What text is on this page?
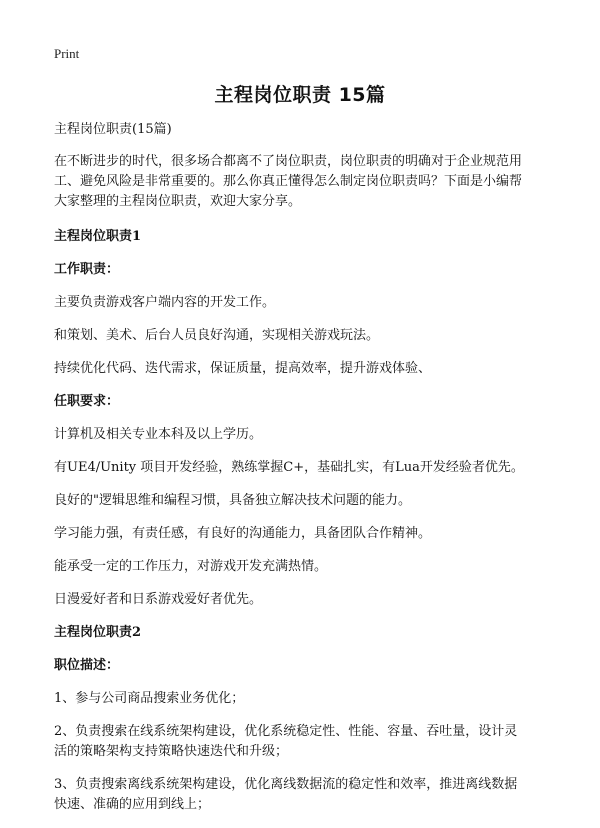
Print
主程岗位职责 15篇

主程岗位职责(15篇)

在不断进步的时代，很多场合都离不了岗位职责，岗位职责的明确对于企业规范用

工、避免风险是非常重要的。那么你真正懂得怎么制定岗位职责吗？下面是小编帮

大家整理的主程岗位职责，欢迎大家分享。

主程岗位职责1

工作职责：

主要负责游戏客户端内容的开发工作。

和策划、美术、后台人员良好沟通，实现相关游戏玩法。

持续优化代码、迭代需求，保证质量，提高效率，提升游戏体验、

任职要求：

计算机及相关专业本科及以上学历。

有UE4/Unity 项目开发经验，熟练掌握C+，基础扎实，有Lua开发经验者优先。

良好的"逻辑思维和编程习惯，具备独立解决技术问题的能力。

学习能力强，有责任感，有良好的沟通能力，具备团队合作精神。

能承受一定的工作压力，对游戏开发充满热情。

日漫爱好者和日系游戏爱好者优先。

主程岗位职责2

职位描述：

1、参与公司商品搜索业务优化；

2、负责搜索在线系统架构建设，优化系统稳定性、性能、容量、吞吐量，设计灵

活的策略架构支持策略快速迭代和升级；

3、负责搜索离线系统架构建设，优化离线数据流的稳定性和效率，推进离线数据

快速、准确的应用到线上；
